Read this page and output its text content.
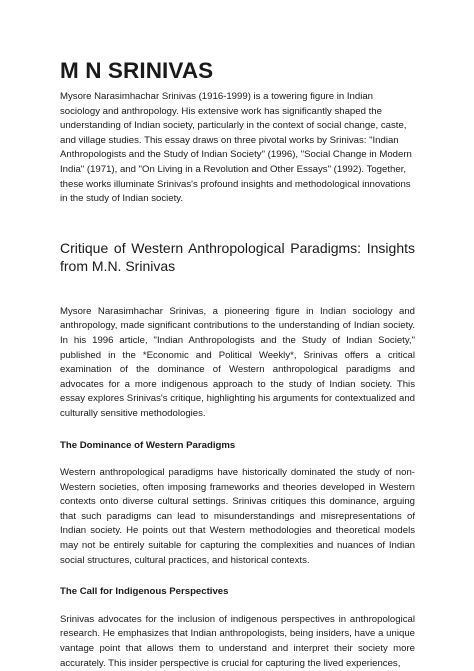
M N SRINIVAS

Mysore Narasimhachar Srinivas (1916-1999) is a towering figure in Indian sociology and anthropology. His extensive work has significantly shaped the understanding of Indian society, particularly in the context of social change, caste, and village studies. This essay draws on three pivotal works by Srinivas: "Indian Anthropologists and the Study of Indian Society" (1996), "Social Change in Modern India" (1971), and "On Living in a Revolution and Other Essays" (1992). Together, these works illuminate Srinivas's profound insights and methodological innovations in the study of Indian society.

Critique of Western Anthropological Paradigms: Insights from M.N. Srinivas

Mysore Narasimhachar Srinivas, a pioneering figure in Indian sociology and anthropology, made significant contributions to the understanding of Indian society. In his 1996 article, "Indian Anthropologists and the Study of Indian Society," published in the *Economic and Political Weekly*, Srinivas offers a critical examination of the dominance of Western anthropological paradigms and advocates for a more indigenous approach to the study of Indian society. This essay explores Srinivas's critique, highlighting his arguments for contextualized and culturally sensitive methodologies.

The Dominance of Western Paradigms

Western anthropological paradigms have historically dominated the study of non-Western societies, often imposing frameworks and theories developed in Western contexts onto diverse cultural settings. Srinivas critiques this dominance, arguing that such paradigms can lead to misunderstandings and misrepresentations of Indian society. He points out that Western methodologies and theoretical models may not be entirely suitable for capturing the complexities and nuances of Indian social structures, cultural practices, and historical contexts.

The Call for Indigenous Perspectives

Srinivas advocates for the inclusion of indigenous perspectives in anthropological research. He emphasizes that Indian anthropologists, being insiders, have a unique vantage point that allows them to understand and interpret their society more accurately. This insider perspective is crucial for capturing the lived experiences,
